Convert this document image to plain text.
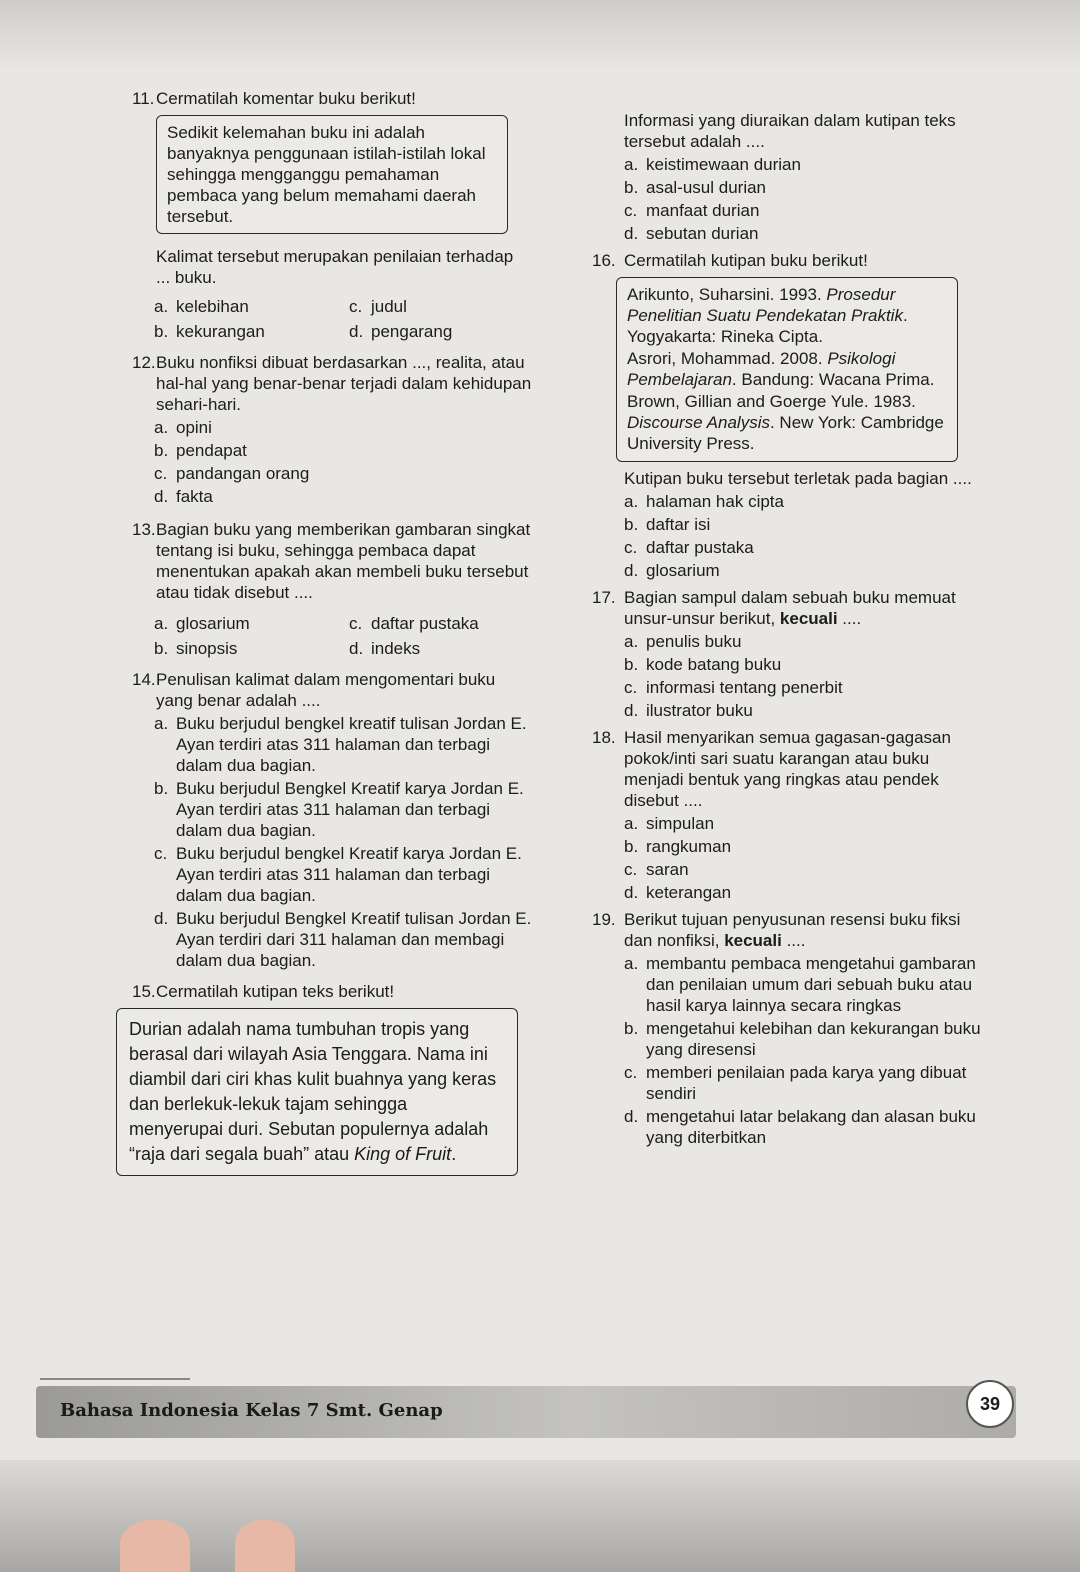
11. Cermatilah komentar buku berikut!
Sedikit kelemahan buku ini adalah banyaknya penggunaan istilah-istilah lokal sehingga mengganggu pemahaman pembaca yang belum memahami daerah tersebut.
Kalimat tersebut merupakan penilaian terhadap ... buku.
a. kelebihan	c. judul
b. kekurangan	d. pengarang
12. Buku nonfiksi dibuat berdasarkan ..., realita, atau hal-hal yang benar-benar terjadi dalam kehidupan sehari-hari.
a. opini
b. pendapat
c. pandangan orang
d. fakta
13. Bagian buku yang memberikan gambaran singkat tentang isi buku, sehingga pembaca dapat menentukan apakah akan membeli buku tersebut atau tidak disebut ....
a. glosarium	c. daftar pustaka
b. sinopsis	d. indeks
14. Penulisan kalimat dalam mengomentari buku yang benar adalah ....
a. Buku berjudul bengkel kreatif tulisan Jordan E. Ayan terdiri atas 311 halaman dan terbagi dalam dua bagian.
b. Buku berjudul Bengkel Kreatif karya Jordan E. Ayan terdiri atas 311 halaman dan terbagi dalam dua bagian.
c. Buku berjudul bengkel Kreatif karya Jordan E. Ayan terdiri atas 311 halaman dan terbagi dalam dua bagian.
d. Buku berjudul Bengkel Kreatif tulisan Jordan E. Ayan terdiri dari 311 halaman dan membagi dalam dua bagian.
15. Cermatilah kutipan teks berikut!
Durian adalah nama tumbuhan tropis yang berasal dari wilayah Asia Tenggara. Nama ini diambil dari ciri khas kulit buahnya yang keras dan berlekuk-lekuk tajam sehingga menyerupai duri. Sebutan populernya adalah “raja dari segala buah” atau King of Fruit.
Informasi yang diuraikan dalam kutipan teks tersebut adalah ....
a. keistimewaan durian
b. asal-usul durian
c. manfaat durian
d. sebutan durian
16. Cermatilah kutipan buku berikut!
Arikunto, Suharsini. 1993. Prosedur Penelitian Suatu Pendekatan Praktik. Yogyakarta: Rineka Cipta.
Asrori, Mohammad. 2008. Psikologi Pembelajaran. Bandung: Wacana Prima.
Brown, Gillian and Goerge Yule. 1983. Discourse Analysis. New York: Cambridge University Press.
Kutipan buku tersebut terletak pada bagian ....
a. halaman hak cipta
b. daftar isi
c. daftar pustaka
d. glosarium
17. Bagian sampul dalam sebuah buku memuat unsur-unsur berikut, kecuali ....
a. penulis buku
b. kode batang buku
c. informasi tentang penerbit
d. ilustrator buku
18. Hasil menyarikan semua gagasan-gagasan pokok/inti sari suatu karangan atau buku menjadi bentuk yang ringkas atau pendek disebut ....
a. simpulan
b. rangkuman
c. saran
d. keterangan
19. Berikut tujuan penyusunan resensi buku fiksi dan nonfiksi, kecuali ....
a. membantu pembaca mengetahui gambaran dan penilaian umum dari sebuah buku atau hasil karya lainnya secara ringkas
b. mengetahui kelebihan dan kekurangan buku yang diresensi
c. memberi penilaian pada karya yang dibuat sendiri
d. mengetahui latar belakang dan alasan buku yang diterbitkan
Bahasa Indonesia Kelas 7 Smt. Genap	39
